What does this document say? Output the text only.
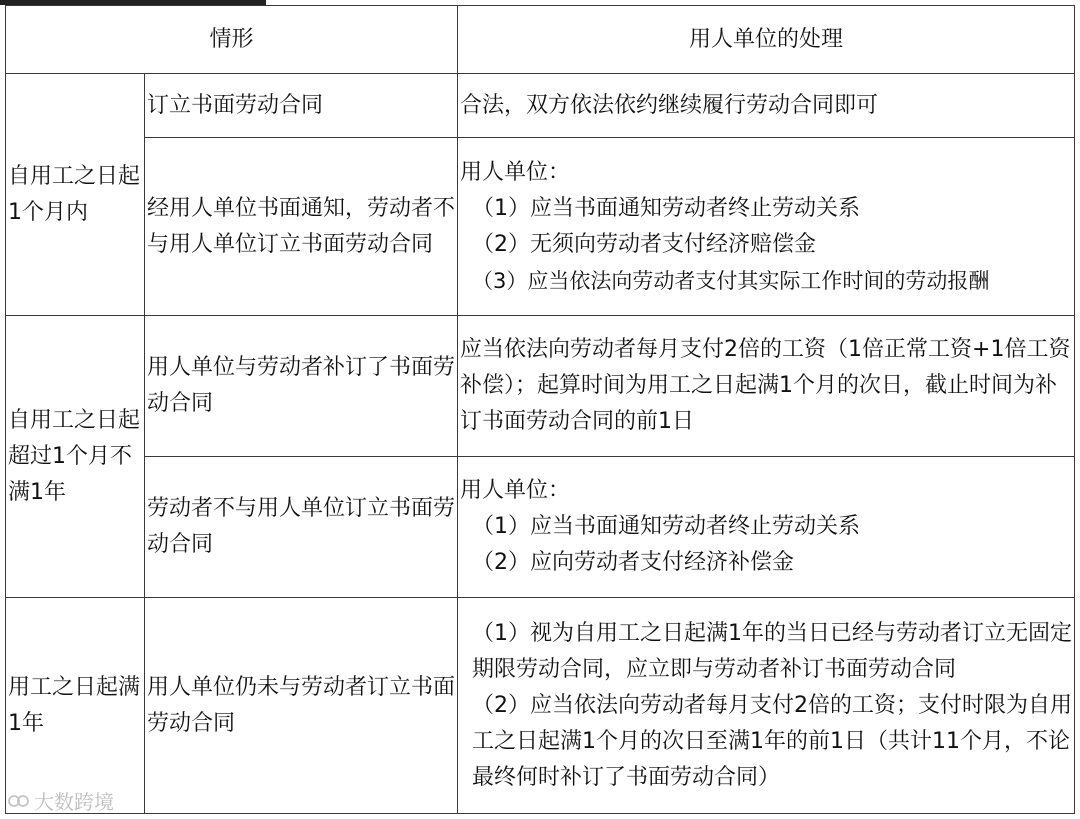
情形		用人单位的处理
自用工之日起1个月内	订立书面劳动合同	合法，双方依法依约继续履行劳动合同即可

	经用人单位书面通知，劳动者不与用人单位订立书面劳动合同	用人单位：
（1）应当书面通知劳动者终止劳动关系
（2）无须向劳动者支付经济赔偿金
（3）应当依法向劳动者支付其实际工作时间的劳动报酬

自用工之日起超过1个月不满1年	用人单位与劳动者补订了书面劳动合同	应当依法向劳动者每月支付2倍的工资（1倍正常工资+1倍工资补偿）；起算时间为用工之日起满1个月的次日，截止时间为补订书面劳动合同的前1日
	劳动者不与用人单位订立书面劳动合同	用人单位：
（1）应当书面通知劳动者终止劳动关系
（2）应向劳动者支付经济补偿金

用工之日起满1年	用人单位仍未与劳动者订立书面劳动合同	（1）视为自用工之日起满1年的当日已经与劳动者订立无固定期限劳动合同，应立即与劳动者补订书面劳动合同
（2）应当依法向劳动者每月支付2倍的工资；支付时限为自用工之日起满1个月的次日至满1年的前1日（共计11个月，不论最终何时补订了书面劳动合同）
大数跨境
